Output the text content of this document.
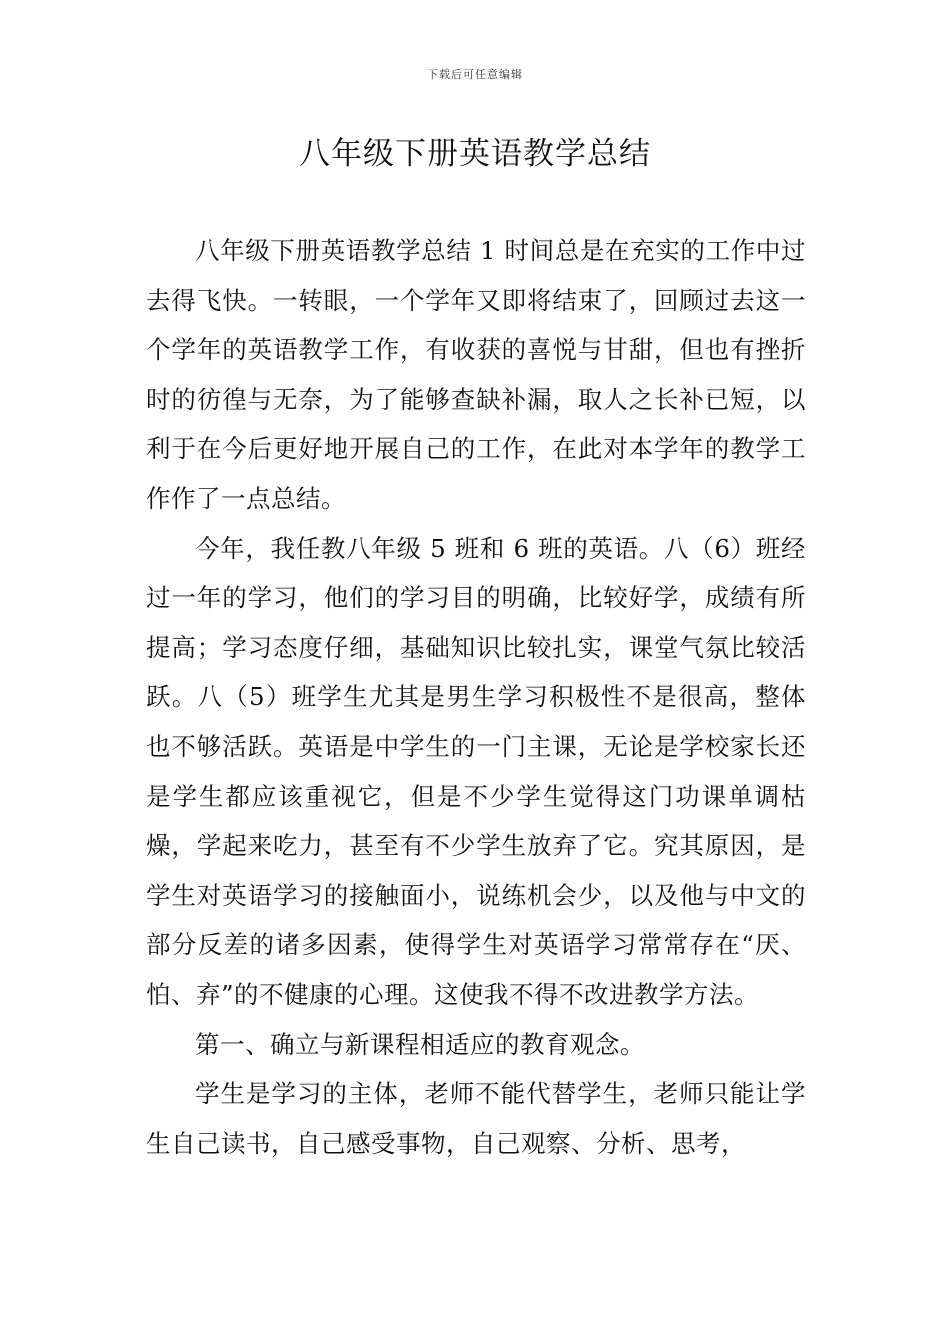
下载后可任意编辑
八年级下册英语教学总结

八年级下册英语教学总结 1 时间总是在充实的工作中过去得飞快。一转眼，一个学年又即将结束了，回顾过去这一个学年的英语教学工作，有收获的喜悦与甘甜，但也有挫折时的彷徨与无奈，为了能够查缺补漏，取人之长补已短，以利于在今后更好地开展自己的工作，在此对本学年的教学工作作了一点总结。

今年，我任教八年级 5 班和 6 班的英语。八（6）班经过一年的学习，他们的学习目的明确，比较好学，成绩有所提高；学习态度仔细，基础知识比较扎实，课堂气氛比较活跃。八（5）班学生尤其是男生学习积极性不是很高，整体也不够活跃。英语是中学生的一门主课，无论是学校家长还是学生都应该重视它，但是不少学生觉得这门功课单调枯燥，学起来吃力，甚至有不少学生放弃了它。究其原因，是学生对英语学习的接触面小，说练机会少，以及他与中文的部分反差的诸多因素，使得学生对英语学习常常存在“厌、怕、弃”的不健康的心理。这使我不得不改进教学方法。

第一、确立与新课程相适应的教育观念。

学生是学习的主体，老师不能代替学生，老师只能让学生自己读书，自己感受事物，自己观察、分析、思考，
